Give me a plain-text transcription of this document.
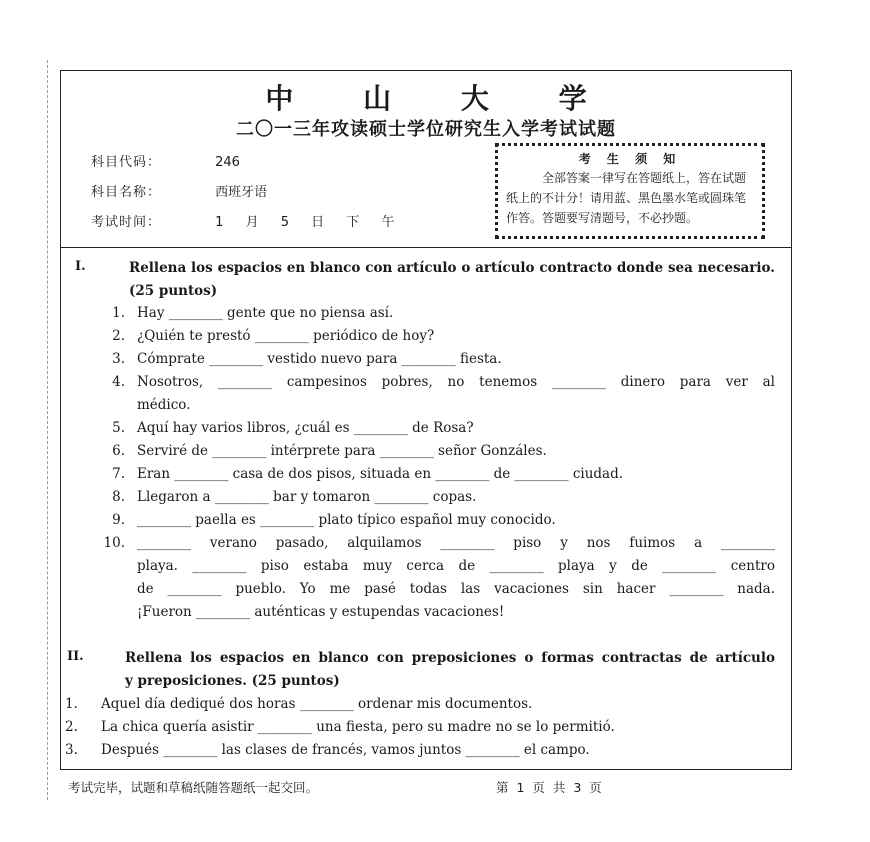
中 山 大 学
二〇一三年攻读硕士学位研究生入学考试试题
科目代码：	246
科目名称：	西班牙语
考试时间：	1 月 5 日 下 午
考 生 须 知
全部答案一律写在答题纸上，答在试题纸上的不计分！请用蓝、黑色墨水笔或圆珠笔作答。答题要写清题号，不必抄题。
I.	Rellena los espacios en blanco con artículo o artículo contracto donde sea necesario. (25 puntos)
1. Hay ________ gente que no piensa así.
2. ¿Quién te prestó ________ periódico de hoy?
3. Cómprate ________ vestido nuevo para ________ fiesta.
4. Nosotros, ________ campesinos pobres, no tenemos ________ dinero para ver al
médico.
5. Aquí hay varios libros, ¿cuál es ________ de Rosa?
6. Serviré de ________ intérprete para ________ señor Gonzáles.
7. Eran ________ casa de dos pisos, situada en ________ de ________ ciudad.
8. Llegaron a ________ bar y tomaron ________ copas.
9. ________ paella es ________ plato típico español muy conocido.
10. ________ verano pasado, alquilamos ________ piso y nos fuimos a ________
playa. ________ piso estaba muy cerca de ________ playa y de ________ centro
de ________ pueblo. Yo me pasé todas las vacaciones sin hacer ________ nada.
¡Fueron ________ auténticas y estupendas vacaciones!
II.	Rellena los espacios en blanco con preposiciones o formas contractas de artículo
y preposiciones. (25 puntos)
1. Aquel día dediqué dos horas ________ ordenar mis documentos.
2. La chica quería asistir ________ una fiesta, pero su madre no se lo permitió.
3. Después ________ las clases de francés, vamos juntos ________ el campo.
考试完毕，试题和草稿纸随答题纸一起交回。	第 1 页 共 3 页
